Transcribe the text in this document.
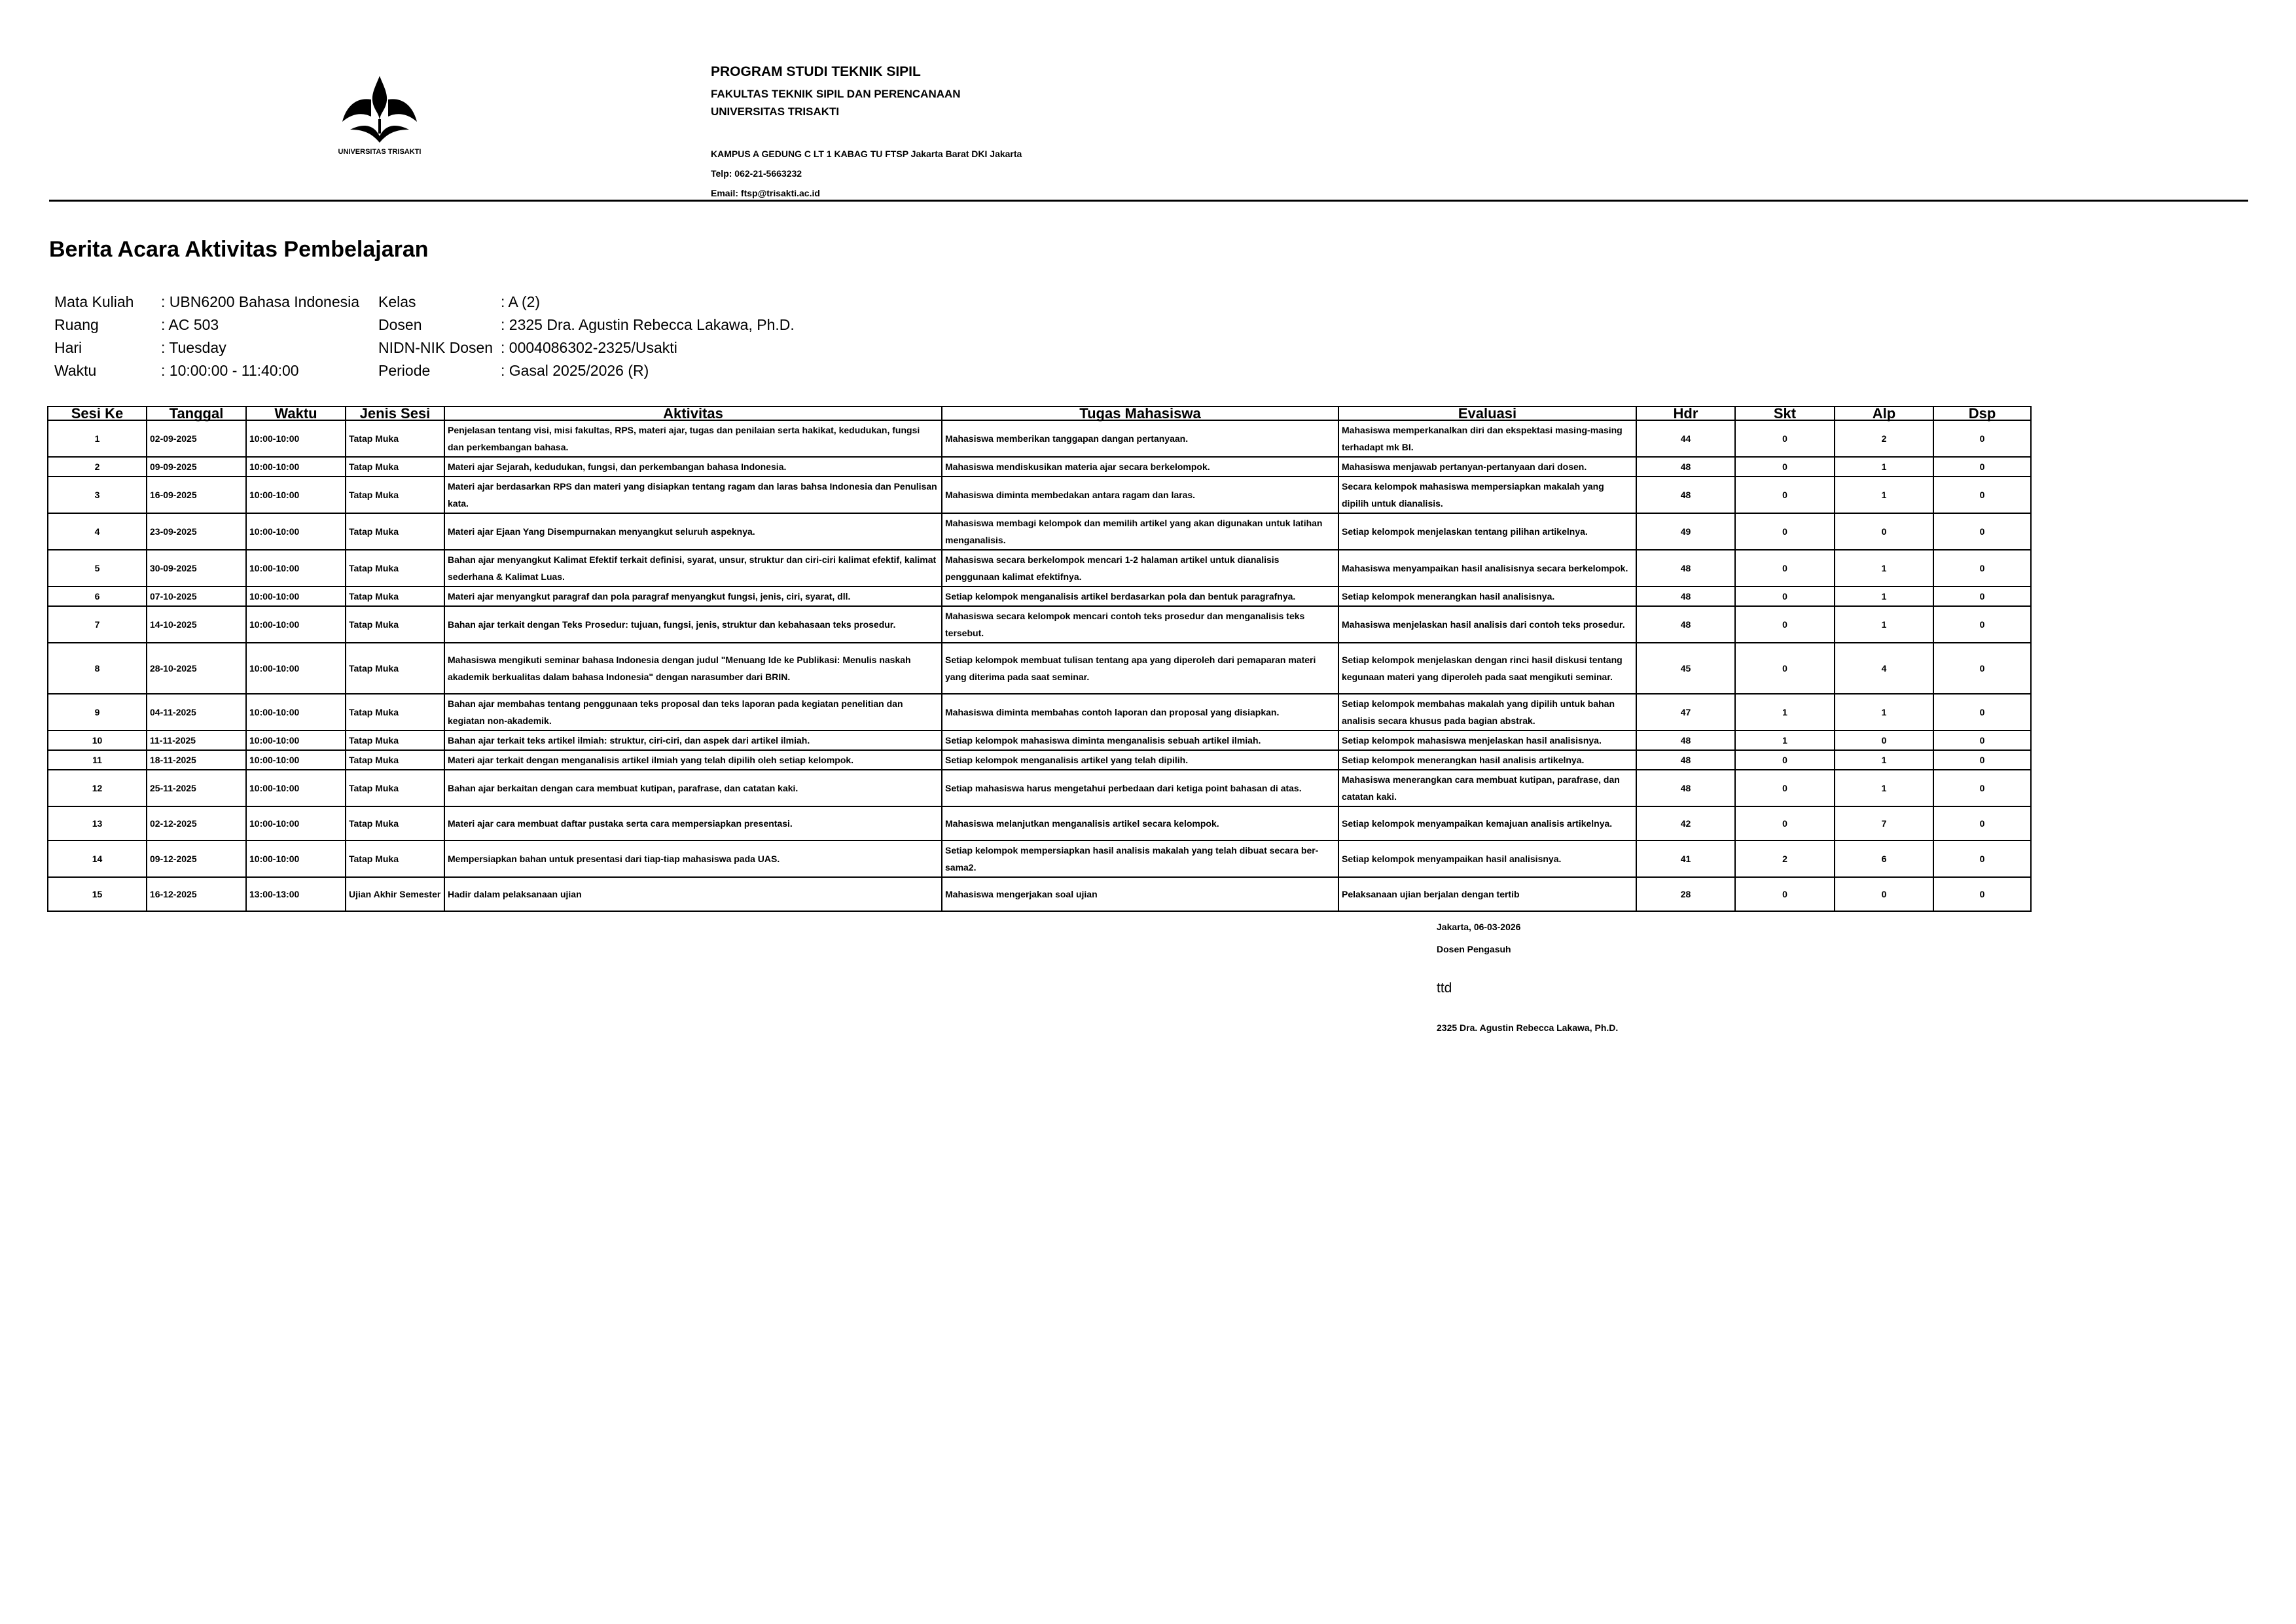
UNIVERSITAS TRISAKTI
PROGRAM STUDI TEKNIK SIPIL
FAKULTAS TEKNIK SIPIL DAN PERENCANAAN
UNIVERSITAS TRISAKTI
KAMPUS A GEDUNG C LT 1 KABAG TU FTSP Jakarta Barat DKI Jakarta
Telp: 062-21-5663232
Email: ftsp@trisakti.ac.id
Berita Acara Aktivitas Pembelajaran
Mata Kuliah : UBN6200 Bahasa Indonesia
Ruang	: AC 503
Hari	: Tuesday
Waktu	: 10:00:00 - 11:40:00
Kelas	: A (2)
Dosen	: 2325 Dra. Agustin Rebecca Lakawa, Ph.D.
NIDN-NIK Dosen : 0004086302-2325/Usakti
Periode	: Gasal 2025/2026 (R)
Sesi Ke	Tanggal	Waktu	Jenis Sesi	Aktivitas	Tugas Mahasiswa	Evaluasi	Hdr	Skt	Alp	Dsp
1	02-09-2025	10:00-10:00	Tatap Muka	Penjelasan tentang visi, misi fakultas, RPS, materi ajar, tugas dan penilaian serta hakikat, kedudukan, fungsi dan perkembangan bahasa.	Mahasiswa memberikan tanggapan dangan pertanyaan.	Mahasiswa memperkanalkan diri dan ekspektasi masing-masing terhadapt mk BI.	44	0	2	0
2	09-09-2025	10:00-10:00	Tatap Muka	Materi ajar Sejarah, kedudukan, fungsi, dan perkembangan bahasa Indonesia.	Mahasiswa mendiskusikan materia ajar secara berkelompok.	Mahasiswa menjawab pertanyan-pertanyaan dari dosen.	48	0	1	0
3	16-09-2025	10:00-10:00	Tatap Muka	Materi ajar berdasarkan RPS dan materi yang disiapkan tentang ragam dan laras bahsa Indonesia dan Penulisan kata.	Mahasiswa diminta membedakan antara ragam dan laras.	Secara kelompok mahasiswa mempersiapkan makalah yang dipilih untuk dianalisis.	48	0	1	0
4	23-09-2025	10:00-10:00	Tatap Muka	Materi ajar Ejaan Yang Disempurnakan menyangkut seluruh aspeknya.	Mahasiswa membagi kelompok dan memilih artikel yang akan digunakan untuk latihan menganalisis.	Setiap kelompok menjelaskan tentang pilihan artikelnya.	49	0	0	0
5	30-09-2025	10:00-10:00	Tatap Muka	Bahan ajar menyangkut Kalimat Efektif terkait definisi, syarat, unsur, struktur dan ciri-ciri kalimat efektif, kalimat sederhana & Kalimat Luas.	Mahasiswa secara berkelompok mencari 1-2 halaman artikel untuk dianalisis penggunaan kalimat efektifnya.	Mahasiswa menyampaikan hasil analisisnya secara berkelompok.	48	0	1	0
6	07-10-2025	10:00-10:00	Tatap Muka	Materi ajar menyangkut paragraf dan pola paragraf menyangkut fungsi, jenis, ciri, syarat, dll.	Setiap kelompok menganalisis artikel berdasarkan pola dan bentuk paragrafnya.	Setiap kelompok menerangkan hasil analisisnya.	48	0	1	0
7	14-10-2025	10:00-10:00	Tatap Muka	Bahan ajar terkait dengan Teks Prosedur: tujuan, fungsi, jenis, struktur dan kebahasaan teks prosedur.	Mahasiswa secara kelompok mencari contoh teks prosedur dan menganalisis teks tersebut.	Mahasiswa menjelaskan hasil analisis dari contoh teks prosedur.	48	0	1	0
8	28-10-2025	10:00-10:00	Tatap Muka	Mahasiswa mengikuti seminar bahasa Indonesia dengan judul "Menuang Ide ke Publikasi: Menulis naskah akademik berkualitas dalam bahasa Indonesia" dengan narasumber dari BRIN.	Setiap kelompok membuat tulisan tentang apa yang diperoleh dari pemaparan materi yang diterima pada saat seminar.	Setiap kelompok menjelaskan dengan rinci hasil diskusi tentang kegunaan materi yang diperoleh pada saat mengikuti seminar.	45	0	4	0
9	04-11-2025	10:00-10:00	Tatap Muka	Bahan ajar membahas tentang penggunaan teks proposal dan teks laporan pada kegiatan penelitian dan kegiatan non-akademik.	Mahasiswa diminta membahas contoh laporan dan proposal yang disiapkan.	Setiap kelompok membahas makalah yang dipilih untuk bahan analisis secara khusus pada bagian abstrak.	47	1	1	0
10	11-11-2025	10:00-10:00	Tatap Muka	Bahan ajar terkait teks artikel ilmiah: struktur, ciri-ciri, dan aspek dari artikel ilmiah.	Setiap kelompok mahasiswa diminta menganalisis sebuah artikel ilmiah.	Setiap kelompok mahasiswa menjelaskan hasil analisisnya.	48	1	0	0
11	18-11-2025	10:00-10:00	Tatap Muka	Materi ajar terkait dengan menganalisis artikel ilmiah yang telah dipilih oleh setiap kelompok.	Setiap kelompok menganalisis artikel yang telah dipilih.	Setiap kelompok menerangkan hasil analisis artikelnya.	48	0	1	0
12	25-11-2025	10:00-10:00	Tatap Muka	Bahan ajar berkaitan dengan cara membuat kutipan, parafrase, dan catatan kaki.	Setiap mahasiswa harus mengetahui perbedaan dari ketiga point bahasan di atas.	Mahasiswa menerangkan cara membuat kutipan, parafrase, dan catatan kaki.	48	0	1	0
13	02-12-2025	10:00-10:00	Tatap Muka	Materi ajar cara membuat daftar pustaka serta cara mempersiapkan presentasi.	Mahasiswa melanjutkan menganalisis artikel secara kelompok.	Setiap kelompok menyampaikan kemajuan analisis artikelnya.	42	0	7	0
14	09-12-2025	10:00-10:00	Tatap Muka	Mempersiapkan bahan untuk presentasi dari tiap-tiap mahasiswa pada UAS.	Setiap kelompok mempersiapkan hasil analisis makalah yang telah dibuat secara ber-sama2.	Setiap kelompok menyampaikan hasil analisisnya.	41	2	6	0
15	16-12-2025	13:00-13:00	Ujian Akhir Semester	Hadir dalam pelaksanaan ujian	Mahasiswa mengerjakan soal ujian	Pelaksanaan ujian berjalan dengan tertib	28	0	0	0
Jakarta, 06-03-2026
Dosen Pengasuh
ttd
2325 Dra. Agustin Rebecca Lakawa, Ph.D.
